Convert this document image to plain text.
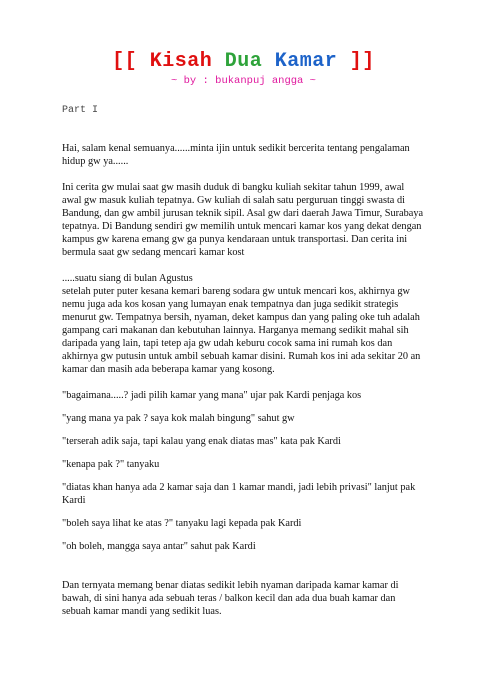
[[ Kisah Dua Kamar ]]
~ by : bukanpuj angga ~
Part I

Hai, salam kenal semuanya......minta ijin untuk sedikit bercerita tentang pengalaman hidup gw ya......

Ini cerita gw mulai saat gw masih duduk di bangku kuliah sekitar tahun 1999, awal awal gw masuk kuliah tepatnya. Gw kuliah di salah satu perguruan tinggi swasta di Bandung, dan gw ambil jurusan teknik sipil. Asal gw dari daerah Jawa Timur, Surabaya tepatnya. Di Bandung sendiri gw memilih untuk mencari kamar kos yang dekat dengan kampus gw karena emang gw ga punya kendaraan untuk transportasi. Dan cerita ini bermula saat gw sedang mencari kamar kost

.....suatu siang di bulan Agustus

setelah puter puter kesana kemari bareng sodara gw untuk mencari kos, akhirnya gw nemu juga ada kos kosan yang lumayan enak tempatnya dan juga sedikit strategis menurut gw. Tempatnya bersih, nyaman, deket kampus dan yang paling oke tuh adalah gampang cari makanan dan kebutuhan lainnya. Harganya memang sedikit mahal sih daripada yang lain, tapi tetep aja gw udah keburu cocok sama ini rumah kos dan akhirnya gw putusin untuk ambil sebuah kamar disini. Rumah kos ini ada sekitar 20 an kamar dan masih ada beberapa kamar yang kosong.

"bagaimana.....? jadi pilih kamar yang mana" ujar pak Kardi penjaga kos

"yang mana ya pak ? saya kok malah bingung" sahut gw

"terserah adik saja, tapi kalau yang enak diatas mas" kata pak Kardi

"kenapa pak ?" tanyaku

"diatas khan hanya ada 2 kamar saja dan 1 kamar mandi, jadi lebih privasi" lanjut pak Kardi

"boleh saya lihat ke atas ?" tanyaku lagi kepada pak Kardi

"oh boleh, mangga saya antar" sahut pak Kardi

Dan ternyata memang benar diatas sedikit lebih nyaman daripada kamar kamar di bawah, di sini hanya ada sebuah teras / balkon kecil dan ada dua buah kamar dan sebuah kamar mandi yang sedikit luas.
